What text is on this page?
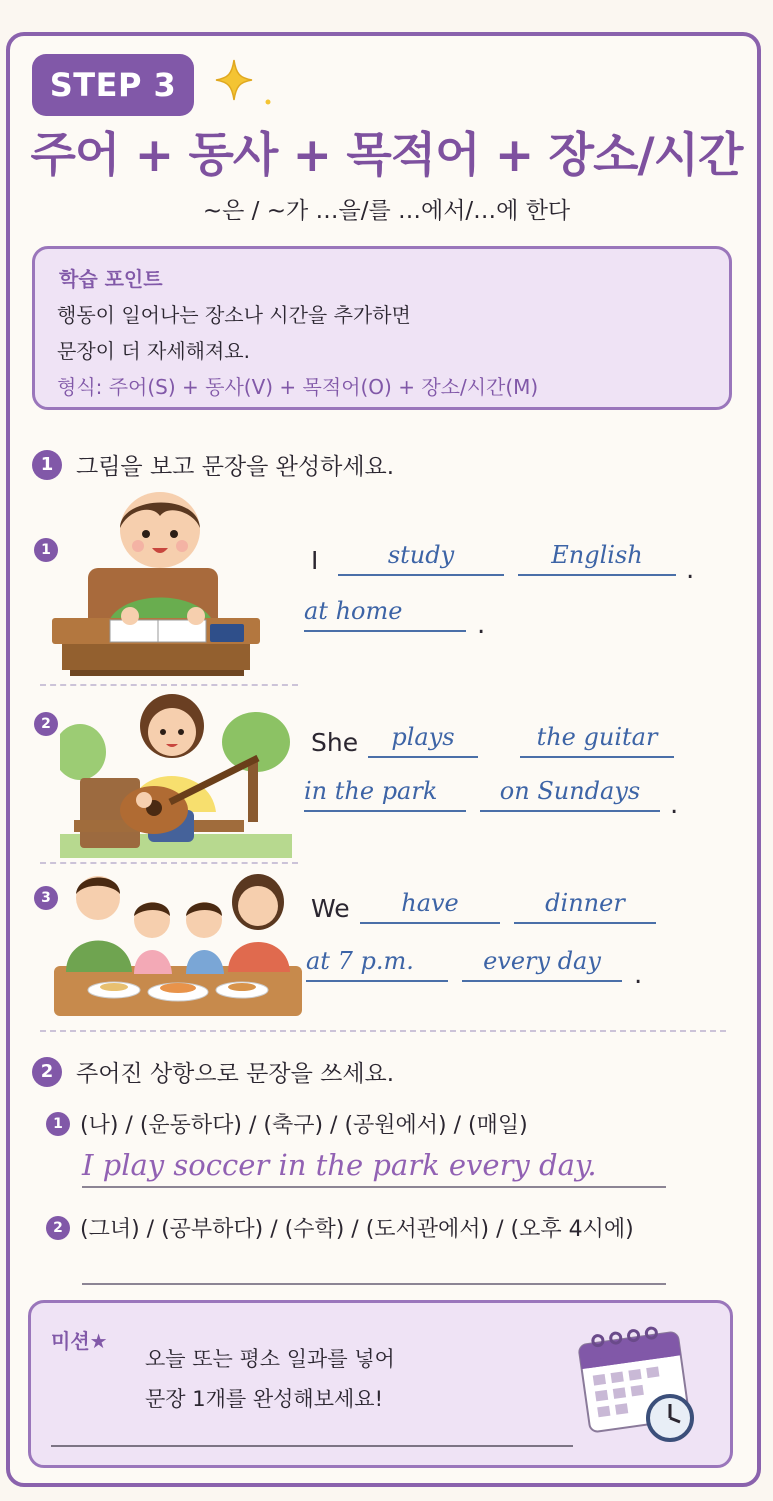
STEP 3
주어 + 동사 + 목적어 + 장소/시간
~은 / ~가 …을/를 …에서/…에 한다
학습 포인트
행동이 일어나는 장소나 시간을 추가하면
문장이 더 자세해져요.
형식: 주어(S) + 동사(V) + 목적어(O) + 장소/시간(M)
1 그림을 보고 문장을 완성하세요.
1	I	study	English	.
at home	.
2
She	plays	the guitar
in the park	on Sundays	.
3	We	have	dinner
at 7 p.m.	every day	.
2 주어진 상항으로 문장을 쓰세요.
1 (나) / (운동하다) / (축구) / (공원에서) / (매일)
I play soccer in the park every day.
2 (그녀) / (공부하다) / (수학) / (도서관에서) / (오후 4시에)
미션★
오늘 또는 평소 일과를 넣어
문장 1개를 완성해보세요!
